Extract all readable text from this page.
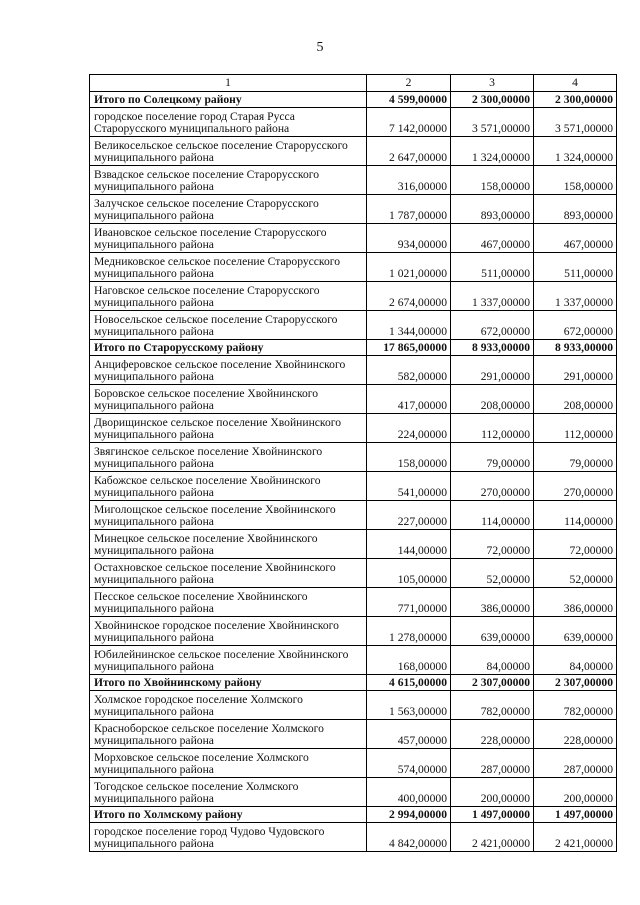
5
1	2	3	4
Итого по Солецкому району	4 599,00000	2 300,00000	2 300,00000
городское поселение город Старая Русса Старорусского муниципального района	7 142,00000	3 571,00000	3 571,00000
Великосельское сельское поселение Старорусского муниципального района	2 647,00000	1 324,00000	1 324,00000
Взвадское сельское поселение Старорусского муниципального района	316,00000	158,00000	158,00000
Залучское сельское поселение Старорусского муниципального района	1 787,00000	893,00000	893,00000
Ивановское сельское поселение Старорусского муниципального района	934,00000	467,00000	467,00000
Медниковское сельское поселение Старорусского муниципального района	1 021,00000	511,00000	511,00000
Наговское сельское поселение Старорусского муниципального района	2 674,00000	1 337,00000	1 337,00000
Новосельское сельское поселение Старорусского муниципального района	1 344,00000	672,00000	672,00000
Итого по Старорусскому району	17 865,00000	8 933,00000	8 933,00000
Анциферовское сельское поселение Хвойнинского муниципального района	582,00000	291,00000	291,00000
Боровское сельское поселение Хвойнинского муниципального района	417,00000	208,00000	208,00000
Дворищинское сельское поселение Хвойнинского муниципального района	224,00000	112,00000	112,00000
Звягинское сельское поселение Хвойнинского муниципального района	158,00000	79,00000	79,00000
Кабожское сельское поселение Хвойнинского муниципального района	541,00000	270,00000	270,00000
Миголощское сельское поселение Хвойнинского муниципального района	227,00000	114,00000	114,00000
Минецкое сельское поселение Хвойнинского муниципального района	144,00000	72,00000	72,00000
Остахновское сельское поселение Хвойнинского муниципального района	105,00000	52,00000	52,00000
Песское сельское поселение Хвойнинского муниципального района	771,00000	386,00000	386,00000
Хвойнинское городское поселение Хвойнинского муниципального района	1 278,00000	639,00000	639,00000
Юбилейнинское сельское поселение Хвойнинского муниципального района	168,00000	84,00000	84,00000
Итого по Хвойнинскому району	4 615,00000	2 307,00000	2 307,00000
Холмское городское поселение Холмского муниципального района	1 563,00000	782,00000	782,00000
Красноборское сельское поселение Холмского муниципального района	457,00000	228,00000	228,00000
Морховское сельское поселение Холмского муниципального района	574,00000	287,00000	287,00000
Тогодское сельское поселение Холмского муниципального района	400,00000	200,00000	200,00000
Итого по Холмскому району	2 994,00000	1 497,00000	1 497,00000
городское поселение город Чудово Чудовского муниципального района	4 842,00000	2 421,00000	2 421,00000
